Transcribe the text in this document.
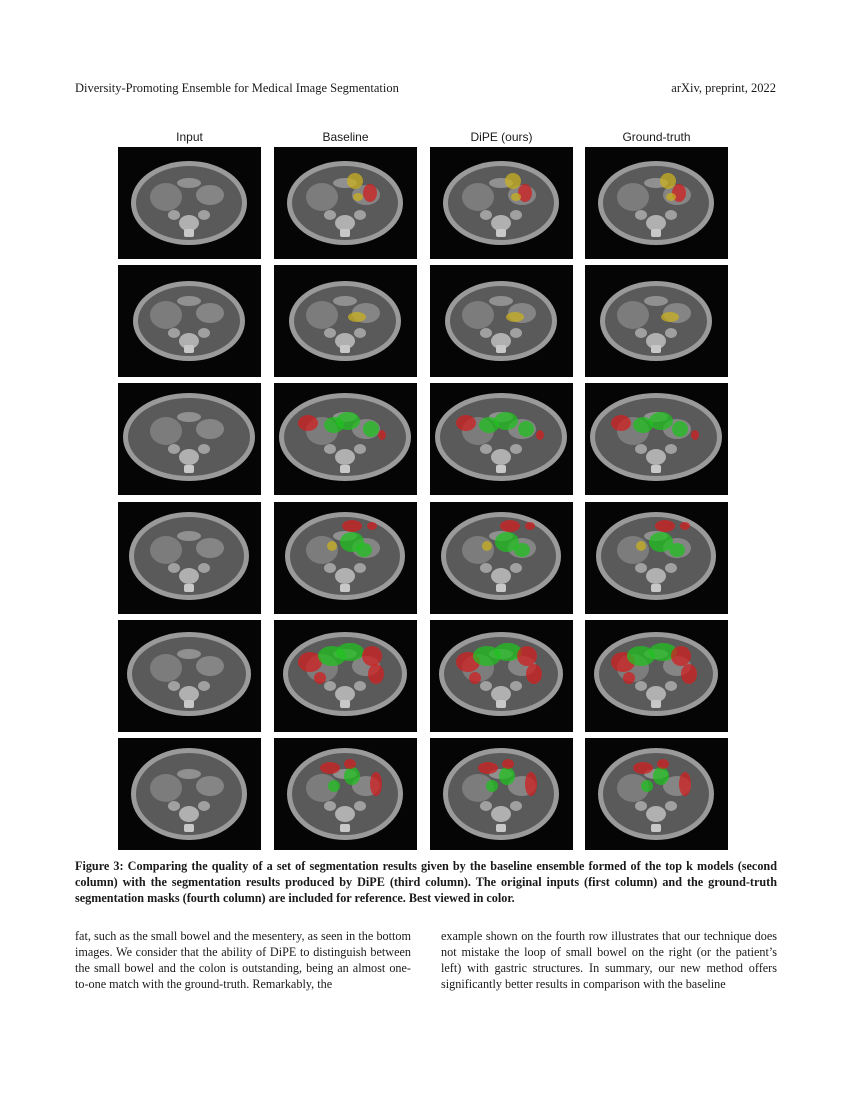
Diversity-Promoting Ensemble for Medical Image Segmentation	arXiv, preprint, 2022
Input	Baseline	DiPE (ours)	Ground-truth
Figure 3: Comparing the quality of a set of segmentation results given by the baseline ensemble formed of the top k models (second column) with the segmentation results produced by DiPE (third column). The original inputs (first column) and the ground-truth segmentation masks (fourth column) are included for reference. Best viewed in color.
fat, such as the small bowel and the mesentery, as seen in the bottom images. We consider that the ability of DiPE to distinguish between the small bowel and the colon is outstanding, being an almost one-to-one match with the ground-truth. Remarkably, the
example shown on the fourth row illustrates that our technique does not mistake the loop of small bowel on the right (or the patient’s left) with gastric structures. In summary, our new method offers significantly better results in comparison with the baseline
